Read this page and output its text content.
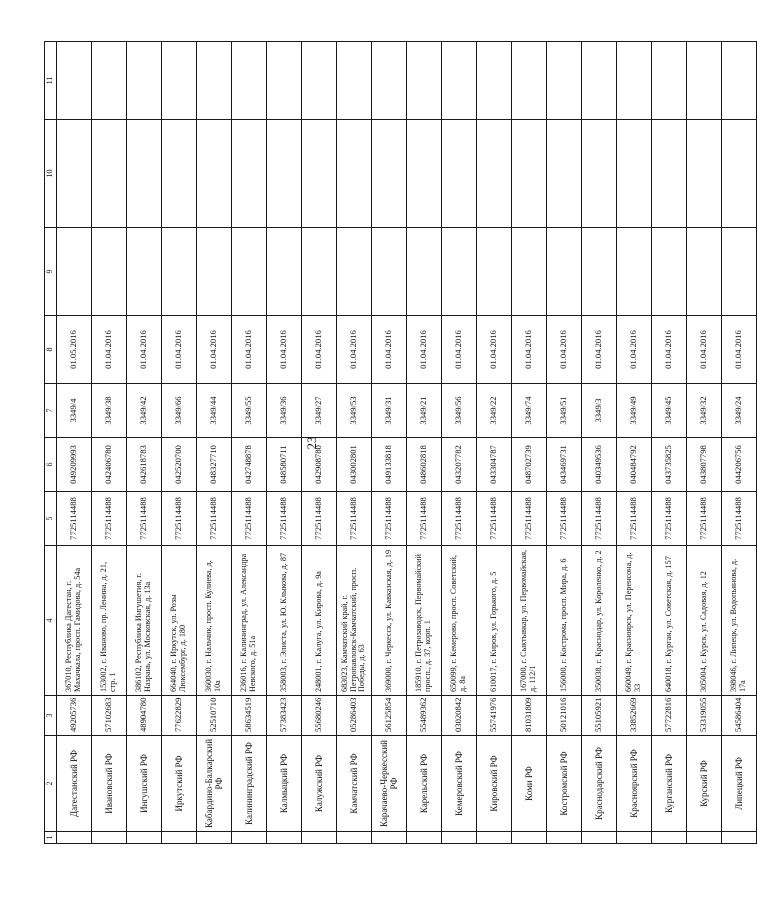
23
1	2	3	4	5	6	7	8	9	10	11
	Дагестанский РФ	49205736	367010, Республика Дагестан, г. Махачкала, просп. Гамидова, д. 54а	7725114488	049209993	3349/4	01.05.2016			
	Ивановский РФ	57102683	153002, г. Иваново, пр. Ленина, д. 21, стр. 1	7725114488	042406780	3349/38	01.04.2016			
	Ингушский РФ	48904780	386102, Республика Ингушетия, г. Назрань, ул. Московская, д. 13а	7725114488	042618783	3349/42	01.04.2016			
	Иркутский РФ	77622829	664040, г. Иркутск, ул. Розы Люксембург, д. 180	7725114488	042520700	3349/66	01.04.2016			
	Кабардино-Балкарский РФ	52510710	360030, г. Нальчик, просп. Кулиева, д. 10а	7725114488	048327710	3349/44	01.04.2016			
	Калининградский РФ	58634519	236016, г. Калининград, ул. Александра Невского, д. 51а	7725114488	042748878	3349/55	01.04.2016			
	Калмыцкий РФ	57383423	358003, г. Элиста, ул. Ю. Клыкова, д. 87	7725114488	048580711	3349/36	01.04.2016			
	Калужский РФ	55680246	248001, г. Калуга, ул. Кирова, д. 9а	7725114488	042908780	3349/27	01.04.2016			
	Камчатский РФ	05286403	683023, Камчатский край, г. Петропавловск-Камчатский, просп. Победы, д. 63	7725114488	043002801	3349/53	01.04.2016			
	Карачаево-Черкесский РФ	56125854	369000, г. Черкесск, ул. Кавказская, д. 19	7725114488	049133818	3349/31	01.04.2016			
	Карельский РФ	55489362	185910, г. Петрозаводск, Первомайский просп., д. 37, корп. 1	7725114488	048602818	3349/21	01.04.2016			
	Кемеровский РФ	03020842	650099, г. Кемерово, просп. Советский, д. 8а	7725114488	043207782	3349/56	01.04.2016			
	Кировский РФ	55741976	610017, г. Киров, ул. Горького, д. 5	7725114488	043304787	3349/22	01.04.2016			
	Коми РФ	81031809	167000, г. Сыктывкар, ул. Первомайская, д. 112/1	7725114488	048702739	3349/74	01.04.2016			
	Костромской РФ	50121016	156000, г. Кострома, просп. Мира, д. 6	7725114488	043469731	3349/51	01.04.2016			
	Краснодарский РФ	55105921	350038, г. Краснодар, ул. Короленко, д. 2	7725114488	040349536	3349/3	01.04.2016			
	Красноярский РФ	33852669	660049, г. Красноярск, ул. Перенсона, д. 33	7725114488	040484792	3349/49	01.04.2016			
	Курганский РФ	57722816	640018, г. Курган, ул. Советская, д. 157	7725114488	043735825	3349/45	01.04.2016			
	Курский РФ	53319055	305004, г. Курск, ул. Садовая, д. 12	7725114488	043807798	3349/32	01.04.2016			
	Липецкий РФ	54586404	398046, г. Липецк, ул. Водопьянова, д. 17а	7725114488	044206756	3349/24	01.04.2016			
